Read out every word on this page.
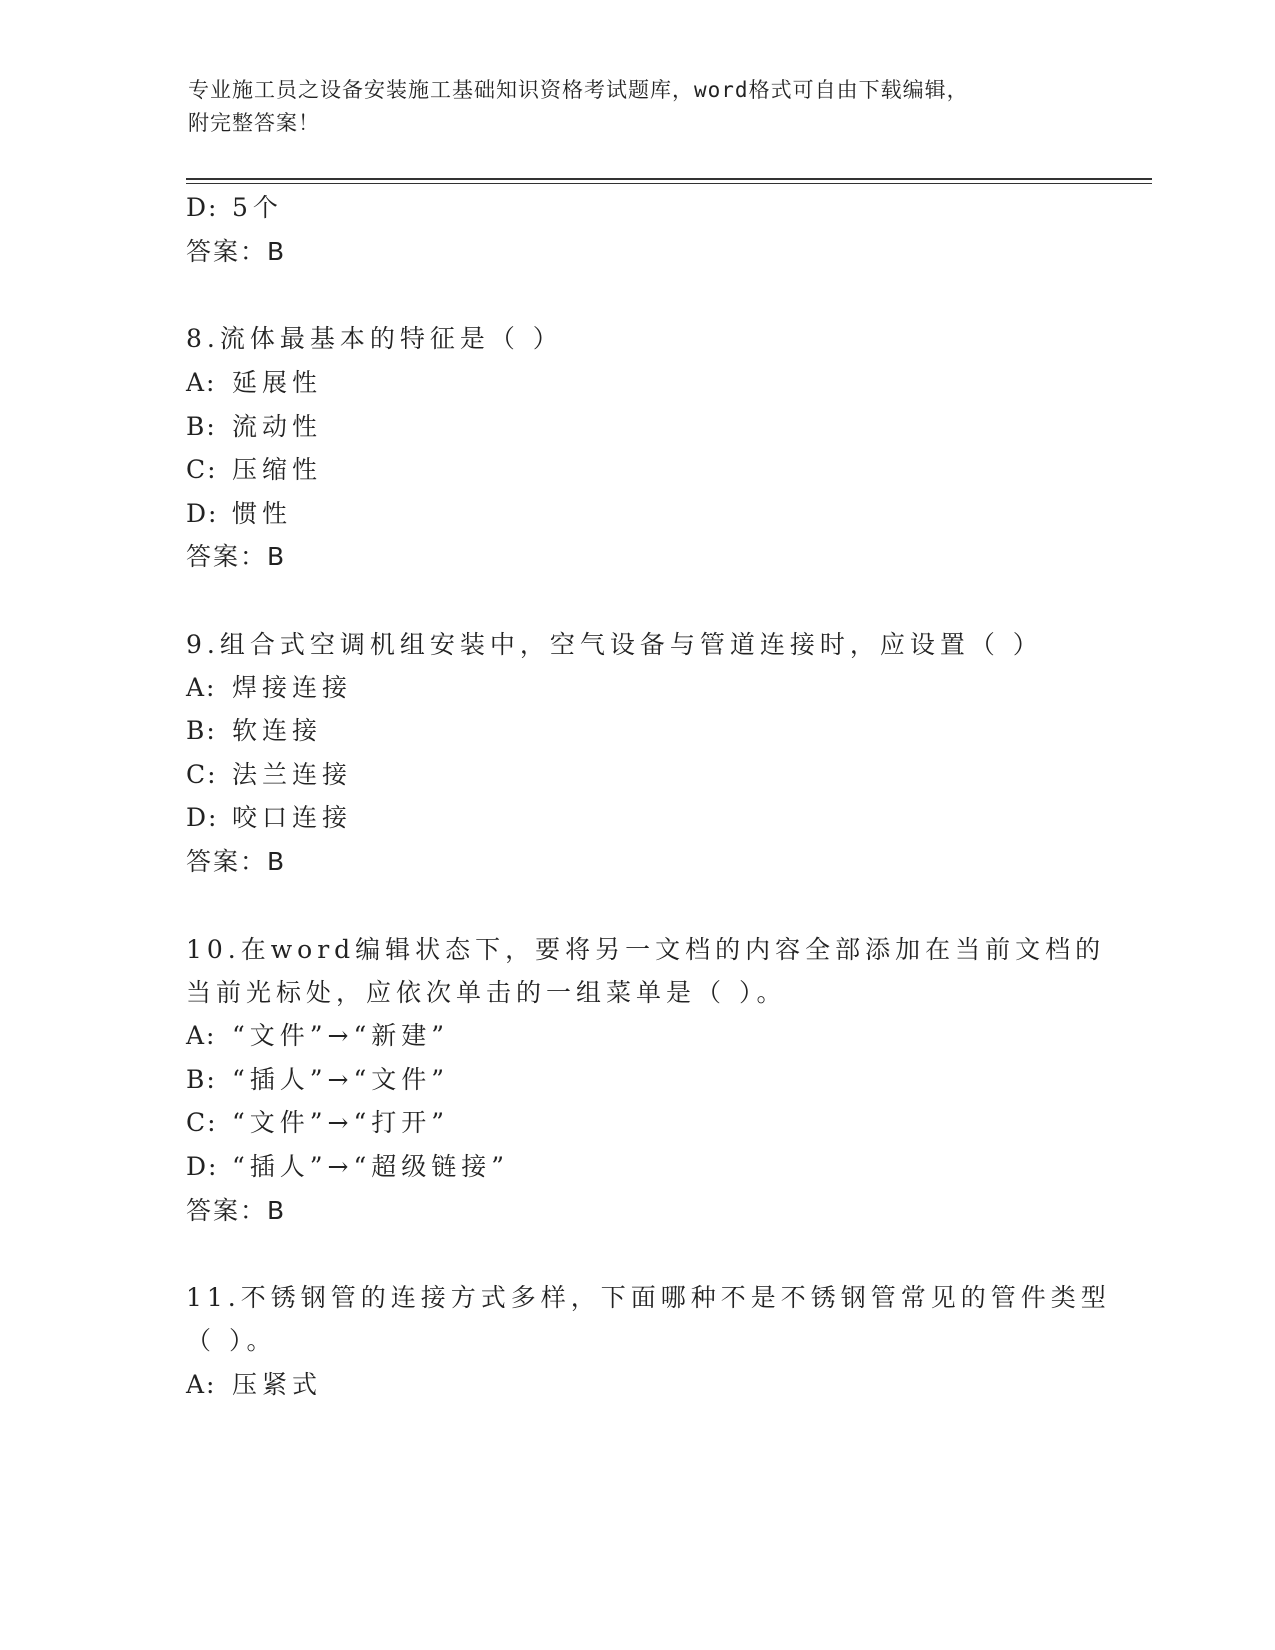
专业施工员之设备安装施工基础知识资格考试题库，word格式可自由下载编辑，
附完整答案！
D: 5个
答案：B
8.流体最基本的特征是（ ）
A: 延展性
B: 流动性
C: 压缩性
D: 惯性
答案：B
9.组合式空调机组安装中，空气设备与管道连接时，应设置（ ）
A: 焊接连接
B: 软连接
C: 法兰连接
D: 咬口连接
答案：B
10.在word编辑状态下，要将另一文档的内容全部添加在当前文档的
当前光标处，应依次单击的一组菜单是（ ）。
A: “文件”→“新建”
B: “插人”→“文件”
C: “文件”→“打开”
D: “插人”→“超级链接”
答案：B
11.不锈钢管的连接方式多样，下面哪种不是不锈钢管常见的管件类型
（ ）。
A: 压紧式
